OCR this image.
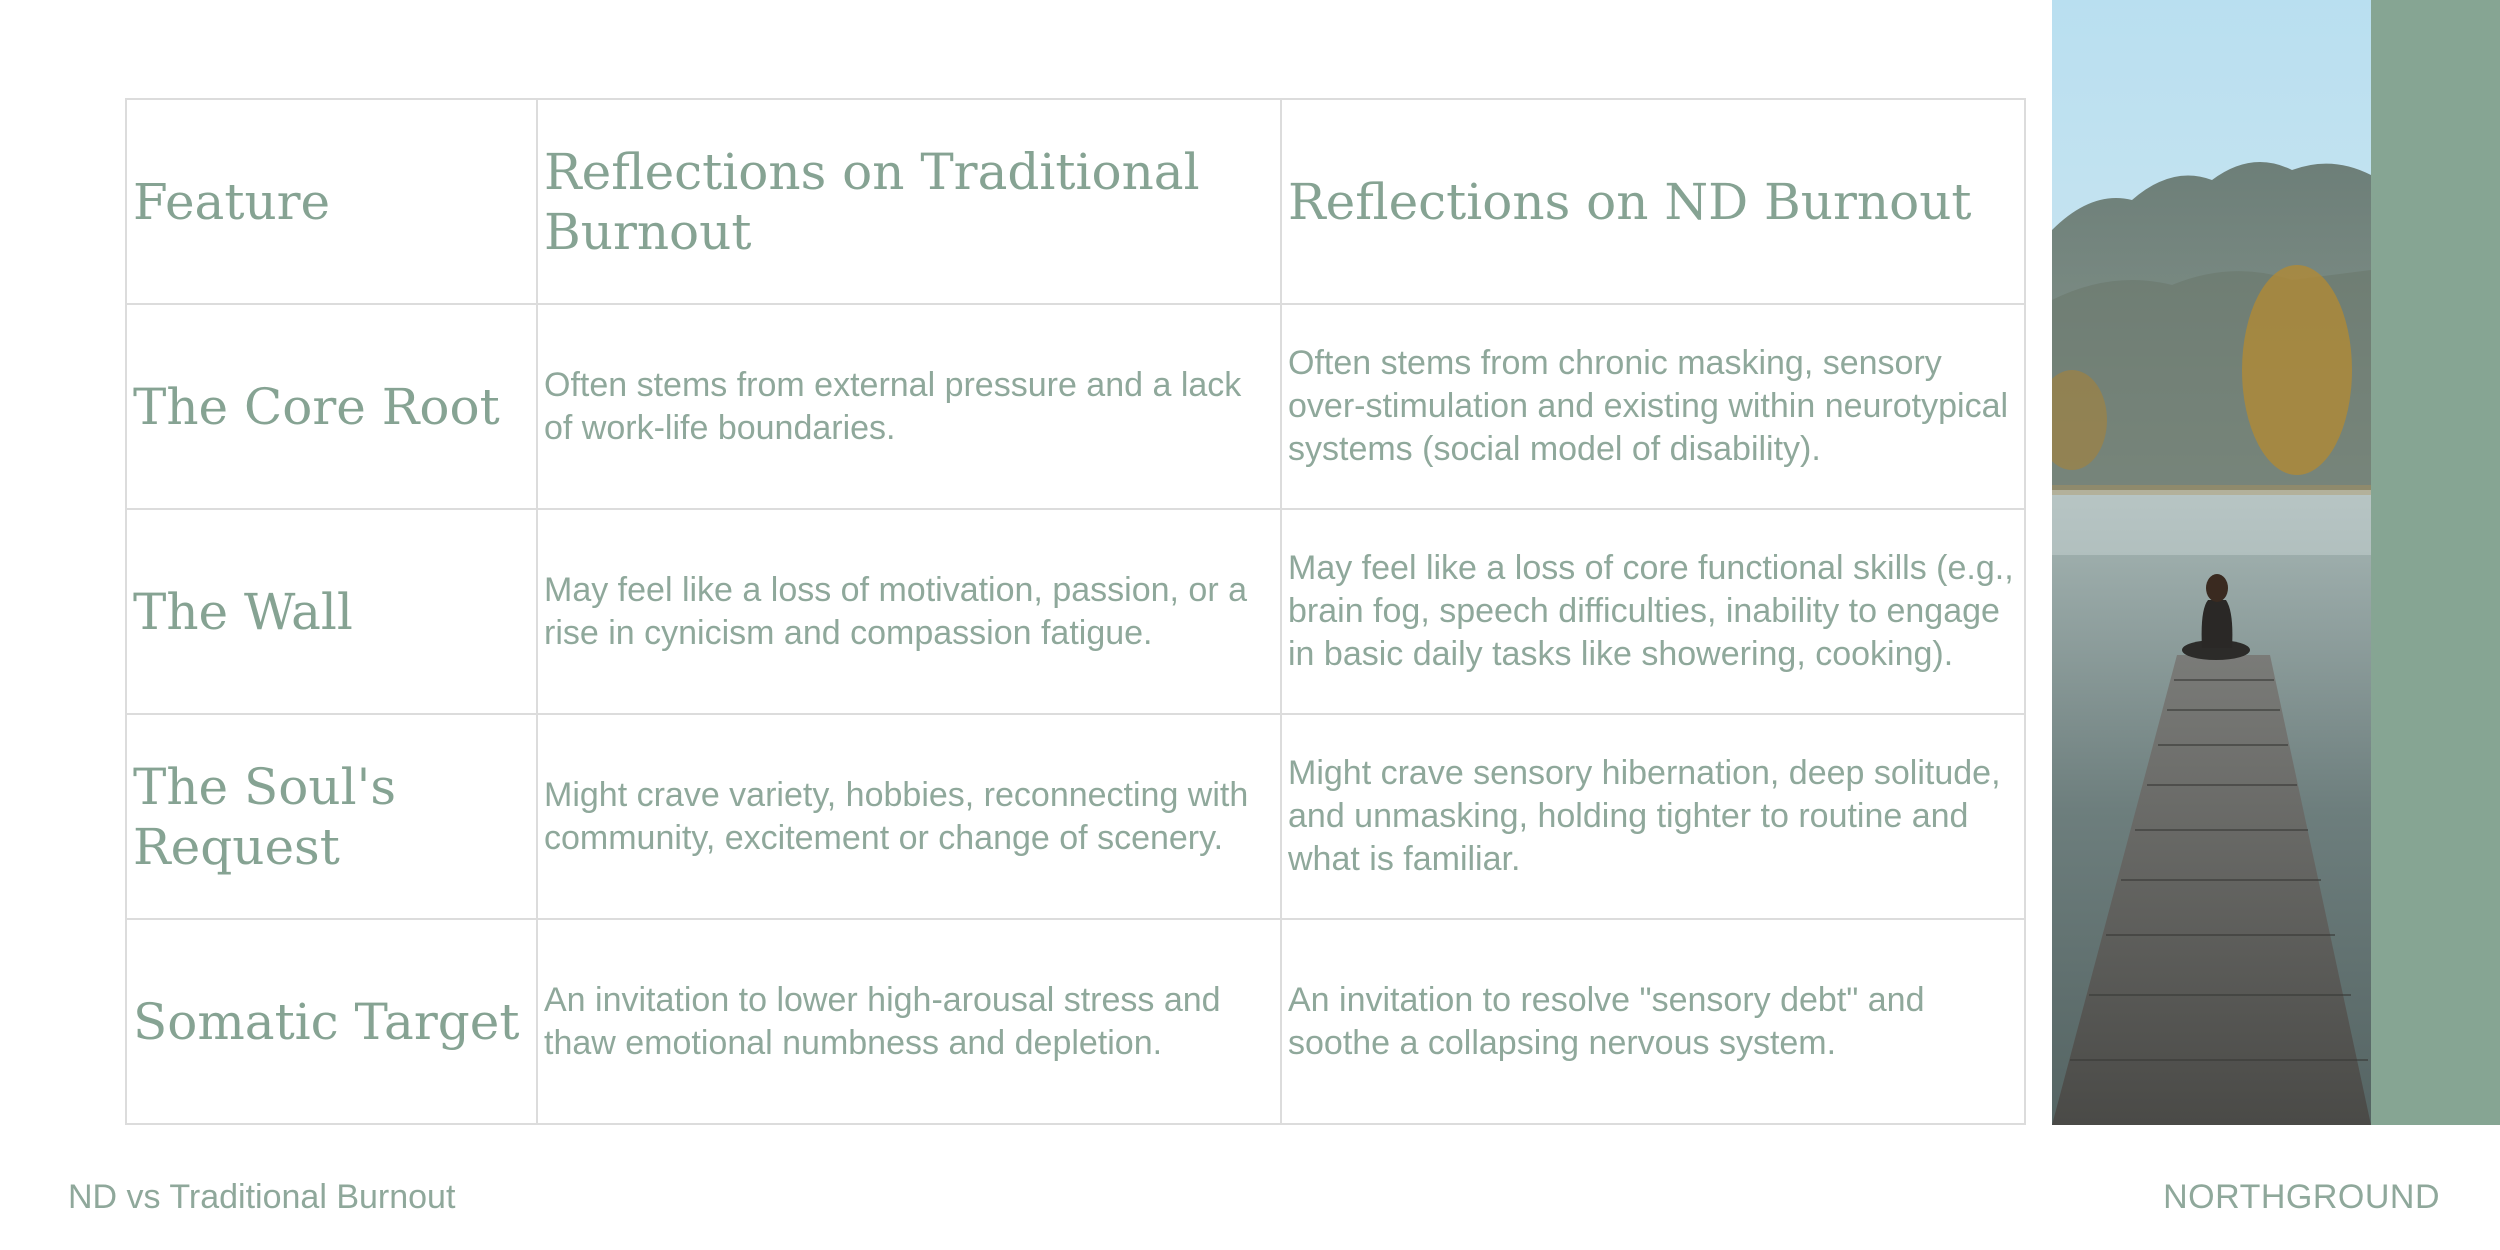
Feature	Reflections on Traditional Burnout	Reflections on ND Burnout
The Core Root	Often stems from external pressure and a lack of work-life boundaries.	Often stems from chronic masking, sensory over-stimulation and existing within neurotypical systems (social model of disability).
The Wall	May feel like a loss of motivation, passion, or a rise in cynicism and compassion fatigue.	May feel like a loss of core functional skills (e.g., brain fog, speech difficulties, inability to engage in basic daily tasks like showering, cooking).
The Soul's Request	Might crave variety, hobbies, reconnecting with community, excitement or change of scenery.	Might crave sensory hibernation, deep solitude, and unmasking, holding tighter to routine and what is familiar.
Somatic Target	An invitation to lower high-arousal stress and thaw emotional numbness and depletion.	An invitation to resolve "sensory debt" and soothe a collapsing nervous system.
ND vs Traditional Burnout	NORTHGROUND
